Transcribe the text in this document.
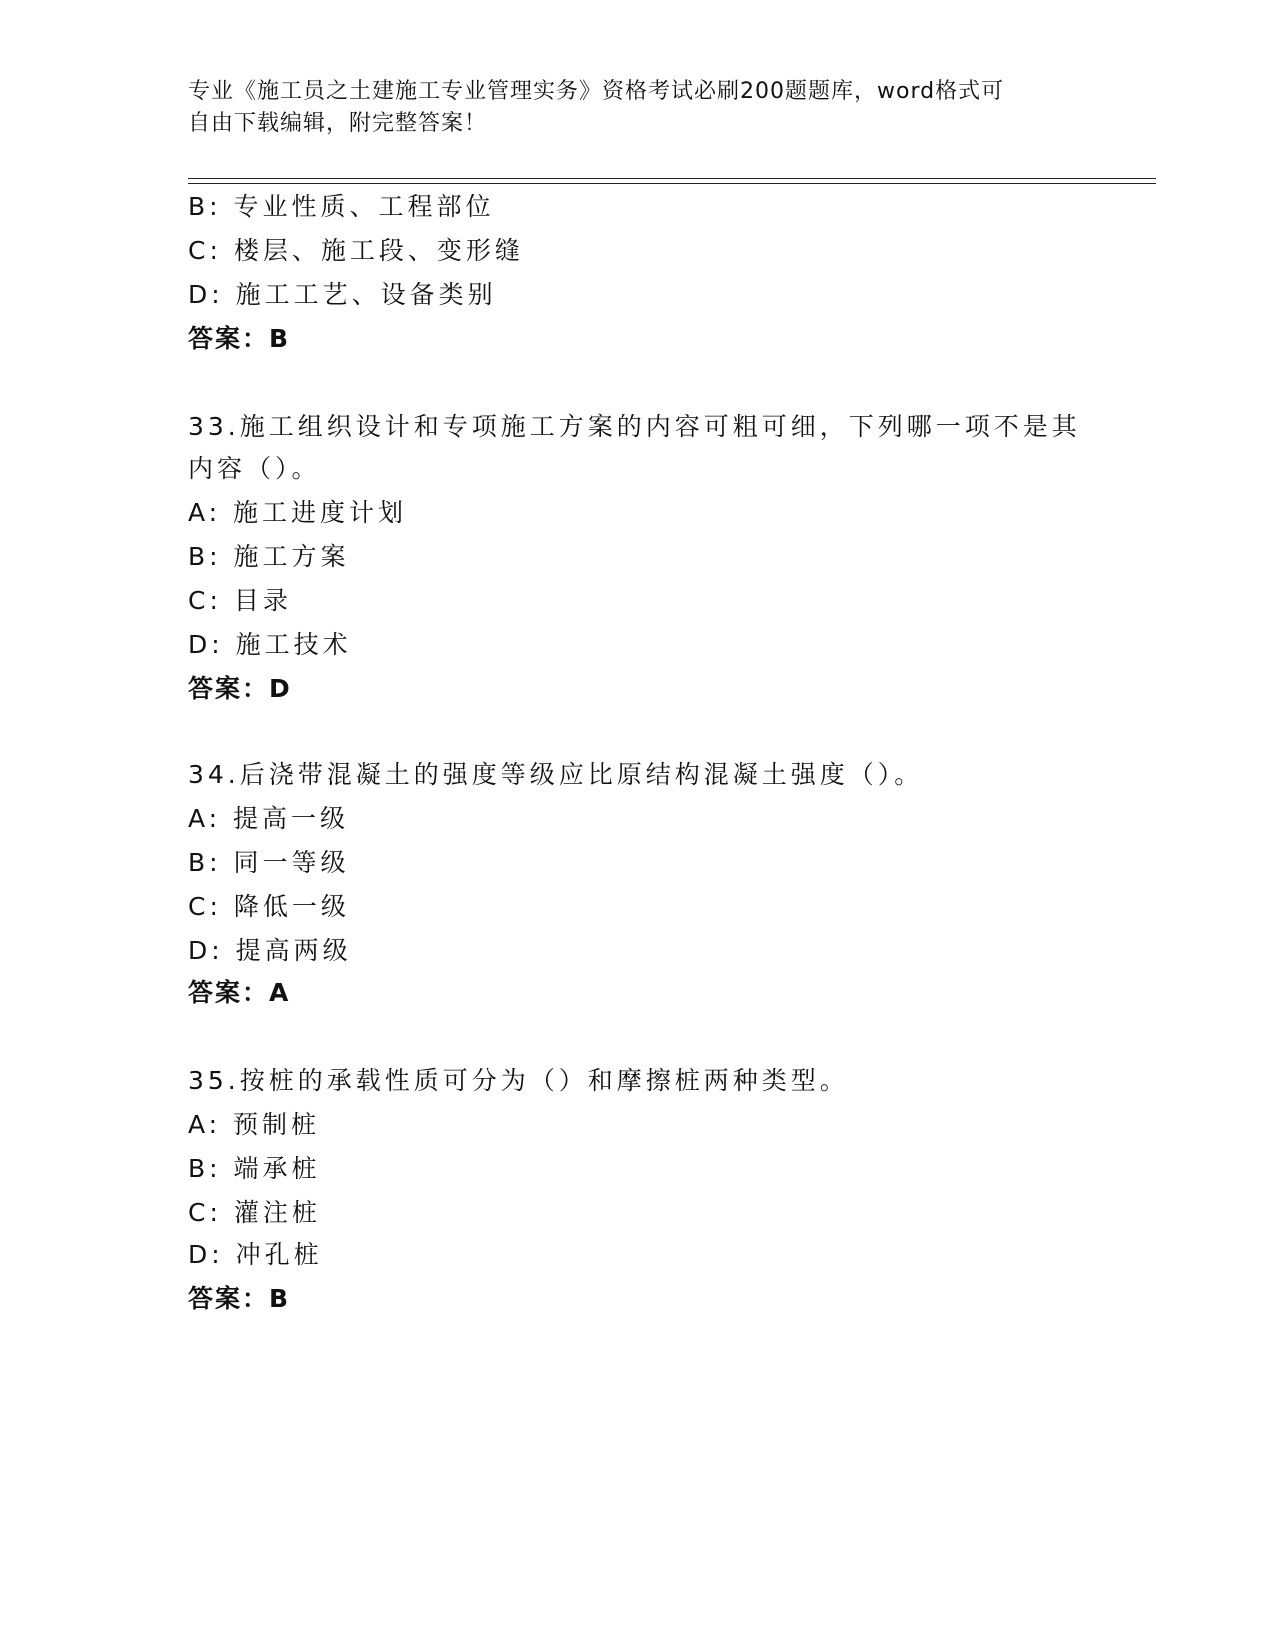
专业《施工员之土建施工专业管理实务》资格考试必刷200题题库，word格式可
自由下载编辑，附完整答案！
B: 专业性质、工程部位
C: 楼层、施工段、变形缝
D: 施工工艺、设备类别
答案：B
33.施工组织设计和专项施工方案的内容可粗可细，下列哪一项不是其
内容（）。
A: 施工进度计划
B: 施工方案
C: 目录
D: 施工技术
答案：D
34.后浇带混凝土的强度等级应比原结构混凝土强度（）。
A: 提高一级
B: 同一等级
C: 降低一级
D: 提高两级
答案：A
35.按桩的承载性质可分为（）和摩擦桩两种类型。
A: 预制桩
B: 端承桩
C: 灌注桩
D: 冲孔桩
答案：B
